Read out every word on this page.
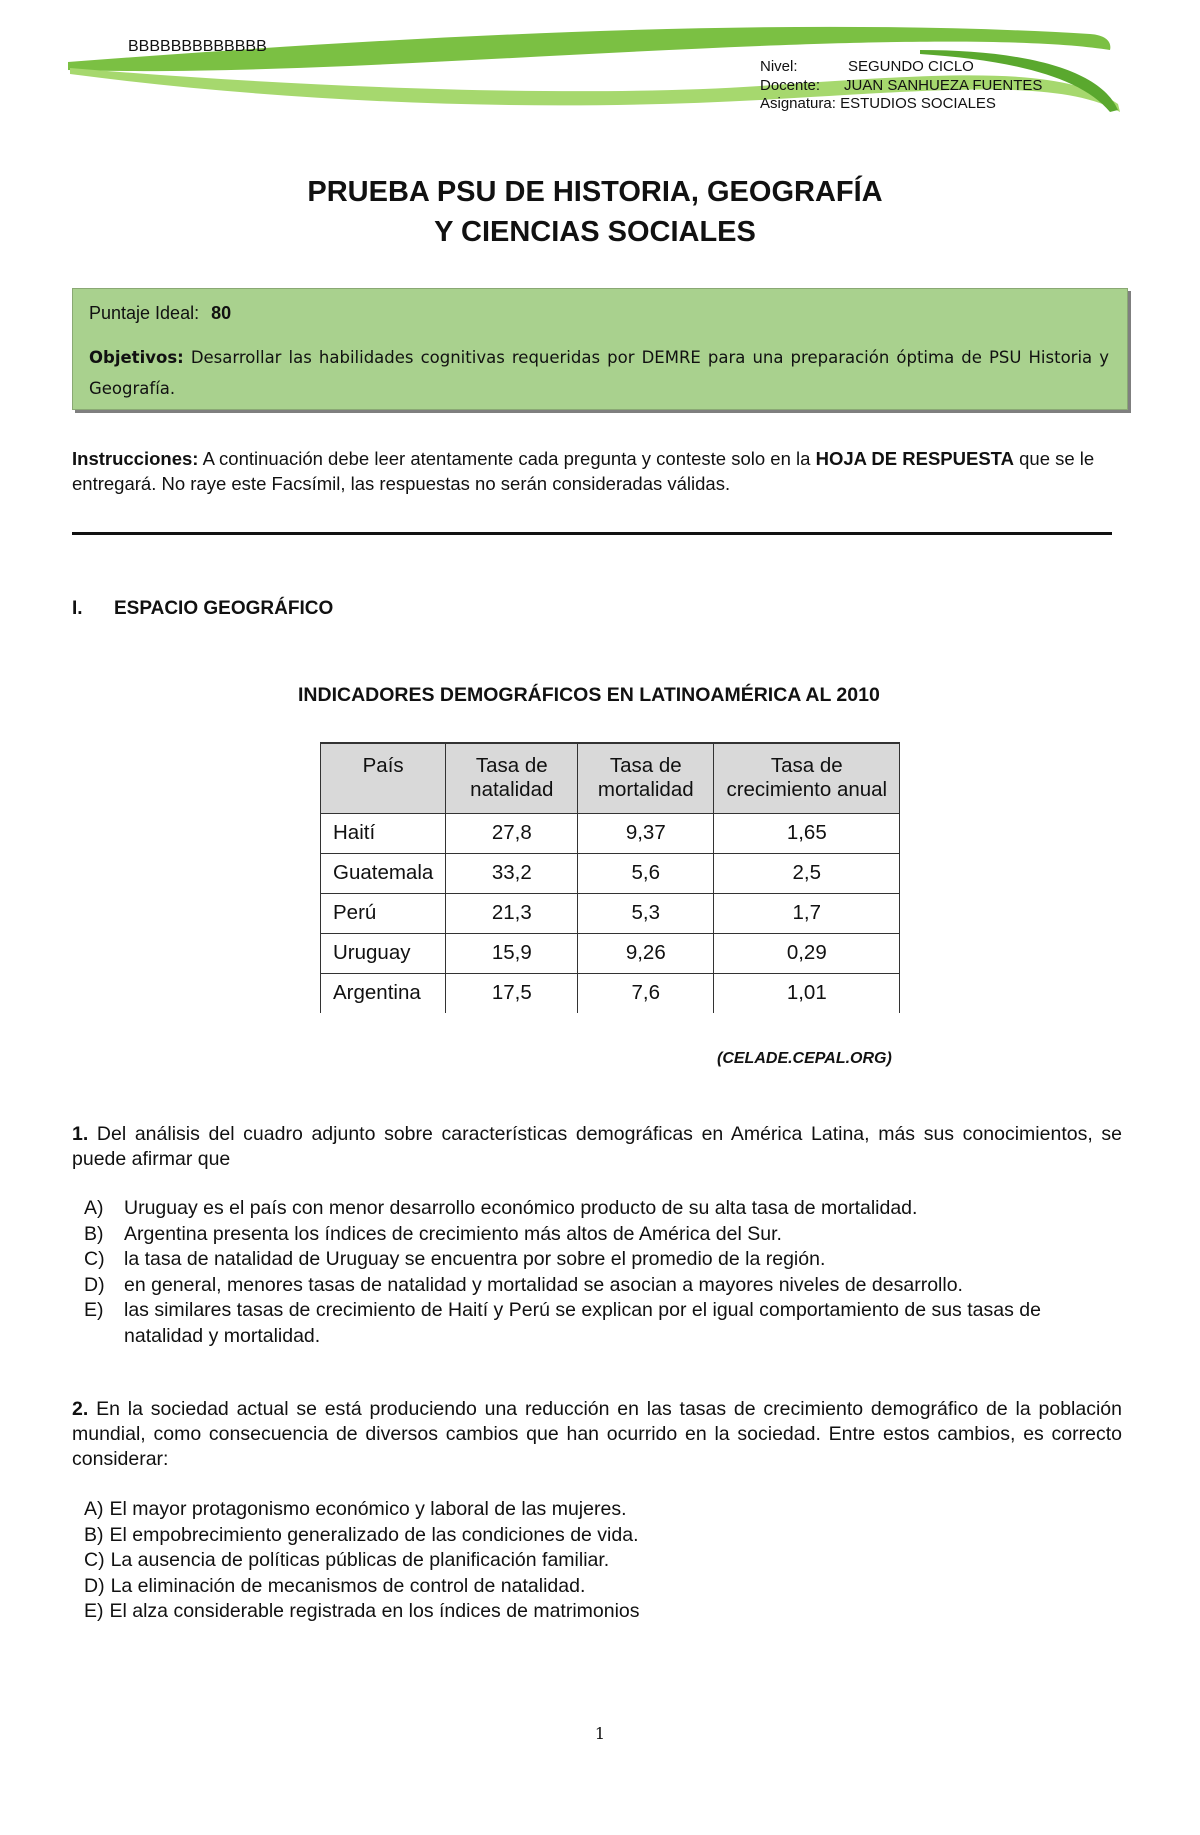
BBBBBBBBBBBBB
Nivel:	SEGUNDO CICLO
Docente: JUAN SANHUEZA FUENTES
Asignatura: ESTUDIOS SOCIALES
PRUEBA PSU DE HISTORIA, GEOGRAFÍA
Y CIENCIAS SOCIALES
Puntaje Ideal: 80
Objetivos: Desarrollar las habilidades cognitivas requeridas por DEMRE para una preparación óptima de PSU Historia y Geografía.
Instrucciones: A continuación debe leer atentamente cada pregunta y conteste solo en la HOJA DE RESPUESTA que se le entregará. No raye este Facsímil, las respuestas no serán consideradas válidas.
I. ESPACIO GEOGRÁFICO
INDICADORES DEMOGRÁFICOS EN LATINOAMÉRICA AL 2010
País	Tasa de natalidad	Tasa de mortalidad	Tasa de crecimiento anual
Haití	27,8	9,37	1,65
Guatemala	33,2	5,6	2,5
Perú	21,3	5,3	1,7
Uruguay	15,9	9,26	0,29
Argentina	17,5	7,6	1,01
(CELADE.CEPAL.ORG)
1. Del análisis del cuadro adjunto sobre características demográficas en América Latina, más sus conocimientos, se puede afirmar que
A) Uruguay es el país con menor desarrollo económico producto de su alta tasa de mortalidad.
B) Argentina presenta los índices de crecimiento más altos de América del Sur.
C) la tasa de natalidad de Uruguay se encuentra por sobre el promedio de la región.
D) en general, menores tasas de natalidad y mortalidad se asocian a mayores niveles de desarrollo.
E) las similares tasas de crecimiento de Haití y Perú se explican por el igual comportamiento de sus tasas de natalidad y mortalidad.
2. En la sociedad actual se está produciendo una reducción en las tasas de crecimiento demográfico de la población mundial, como consecuencia de diversos cambios que han ocurrido en la sociedad. Entre estos cambios, es correcto considerar:
A) El mayor protagonismo económico y laboral de las mujeres.
B) El empobrecimiento generalizado de las condiciones de vida.
C) La ausencia de políticas públicas de planificación familiar.
D) La eliminación de mecanismos de control de natalidad.
E) El alza considerable registrada en los índices de matrimonios
1
